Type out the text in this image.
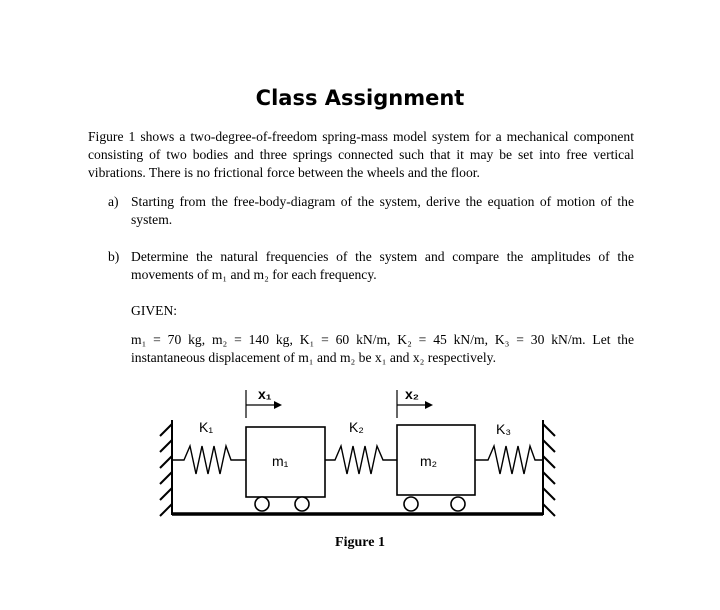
Class Assignment
Figure 1 shows a two-degree-of-freedom spring-mass model system for a mechanical component consisting of two bodies and three springs connected such that it may be set into free vertical vibrations. There is no frictional force between the wheels and the floor.
a) Starting from the free-body-diagram of the system, derive the equation of motion of the system.
b) Determine the natural frequencies of the system and compare the amplitudes of the movements of m₁ and m₂ for each frequency.
GIVEN:
m₁ = 70 kg, m₂ = 140 kg, K₁ = 60 kN/m, K₂ = 45 kN/m, K₃ = 30 kN/m. Let the instantaneous displacement of m₁ and m₂ be x₁ and x₂ respectively.
x₁	x₂
K₁	K₂	K₃
m₁	m₂
Figure 1
